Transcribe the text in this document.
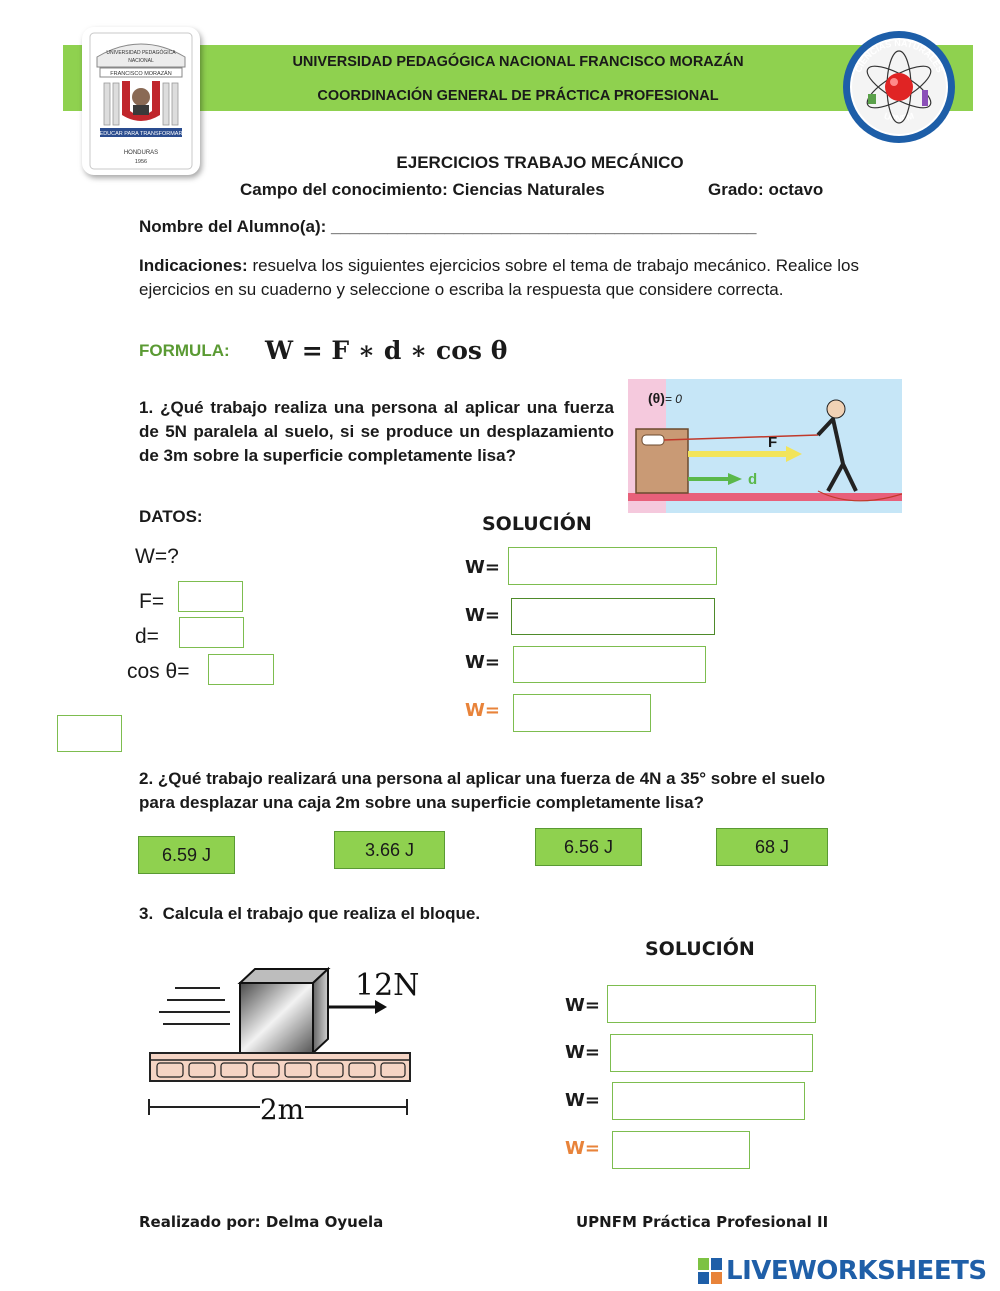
UNIVERSIDAD PEDAGÓGICA NACIONAL FRANCISCO MORAZÁN
COORDINACIÓN GENERAL DE PRÁCTICA PROFESIONAL
UNIVERSIDAD PEDAGÓGICA
NACIONAL
FRANCISCO MORAZÁN
EDUCAR PARA TRANSFORMAR
HONDURAS
1956
CIENCIAS NATURALES
UPNFM
EJERCICIOS TRABAJO MECÁNICO
Campo del conocimiento: Ciencias Naturales	Grado: octavo
Nombre del Alumno(a): _____________________________________________
Indicaciones: resuelva los siguientes ejercicios sobre el tema de trabajo mecánico. Realice los ejercicios en su cuaderno y seleccione o escriba la respuesta que considere correcta.
FORMULA: W = F ∗ d ∗ cos θ
1. ¿Qué trabajo realiza una persona al aplicar una fuerza de 5N paralela al suelo, si se produce un desplazamiento de 3m sobre la superficie completamente lisa?
F
d
(θ)= 0
DATOS:	SOLUCIÓN
W=?
F=
d=
cos θ=
W=
W=
W=
W=
2. ¿Qué trabajo realizará una persona al aplicar una fuerza de 4N a 35° sobre el suelo para desplazar una caja 2m sobre una superficie completamente lisa?
6.59 J	3.66 J	6.56 J	68 J
3.  Calcula el trabajo que realiza el bloque.
SOLUCIÓN
12N
2m
W=
W=
W=
W=
Realizado por: Delma Oyuela	UPNFM Práctica Profesional II
LIVEWORKSHEETS
